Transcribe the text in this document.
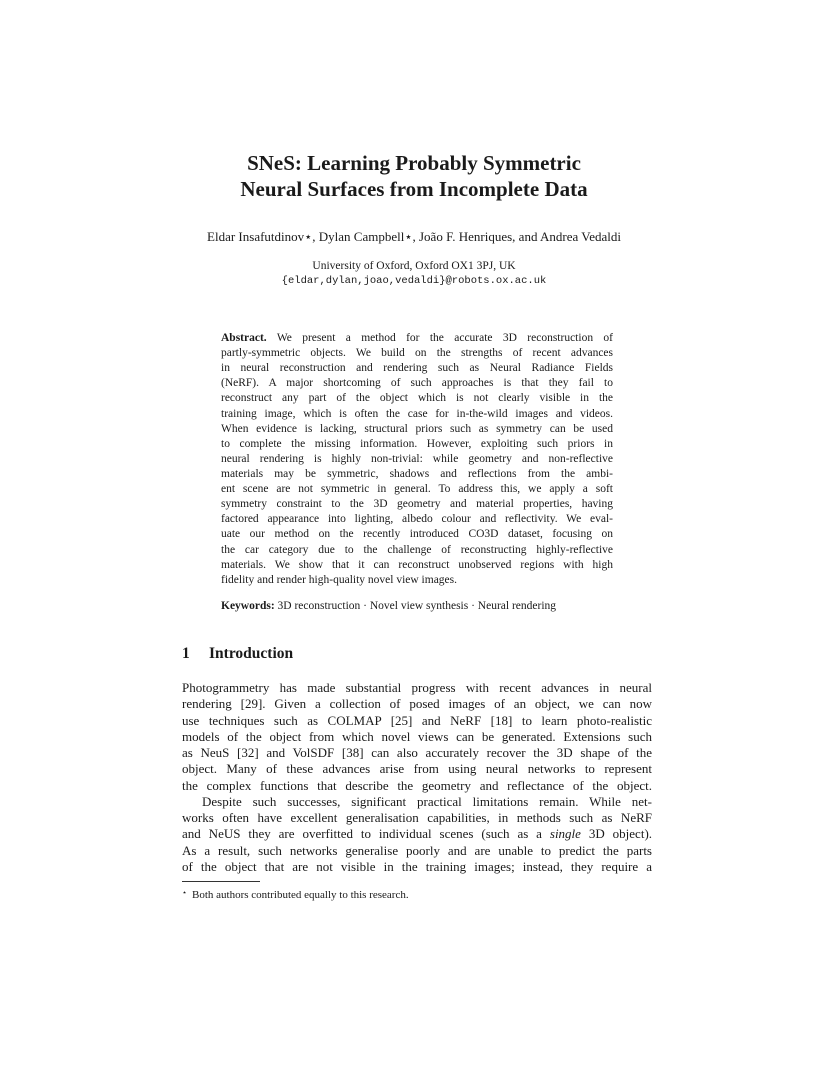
SNeS: Learning Probably Symmetric
Neural Surfaces from Incomplete Data
Eldar Insafutdinov⋆, Dylan Campbell⋆, João F. Henriques, and Andrea Vedaldi
University of Oxford, Oxford OX1 3PJ, UK
{eldar,dylan,joao,vedaldi}@robots.ox.ac.uk
Abstract. We present a method for the accurate 3D reconstruction of
partly-symmetric objects. We build on the strengths of recent advances
in neural reconstruction and rendering such as Neural Radiance Fields
(NeRF). A major shortcoming of such approaches is that they fail to
reconstruct any part of the object which is not clearly visible in the
training image, which is often the case for in-the-wild images and videos.
When evidence is lacking, structural priors such as symmetry can be used
to complete the missing information. However, exploiting such priors in
neural rendering is highly non-trivial: while geometry and non-reflective
materials may be symmetric, shadows and reflections from the ambi-
ent scene are not symmetric in general. To address this, we apply a soft
symmetry constraint to the 3D geometry and material properties, having
factored appearance into lighting, albedo colour and reflectivity. We eval-
uate our method on the recently introduced CO3D dataset, focusing on
the car category due to the challenge of reconstructing highly-reflective
materials. We show that it can reconstruct unobserved regions with high
fidelity and render high-quality novel view images.
Keywords: 3D reconstruction · Novel view synthesis · Neural rendering
1 Introduction
Photogrammetry has made substantial progress with recent advances in neural
rendering [29]. Given a collection of posed images of an object, we can now
use techniques such as COLMAP [25] and NeRF [18] to learn photo-realistic
models of the object from which novel views can be generated. Extensions such
as NeuS [32] and VolSDF [38] can also accurately recover the 3D shape of the
object. Many of these advances arise from using neural networks to represent
the complex functions that describe the geometry and reflectance of the object.
Despite such successes, significant practical limitations remain. While net-
works often have excellent generalisation capabilities, in methods such as NeRF
and NeUS they are overfitted to individual scenes (such as a single 3D object).
As a result, such networks generalise poorly and are unable to predict the parts
of the object that are not visible in the training images; instead, they require a
⋆ Both authors contributed equally to this research.
